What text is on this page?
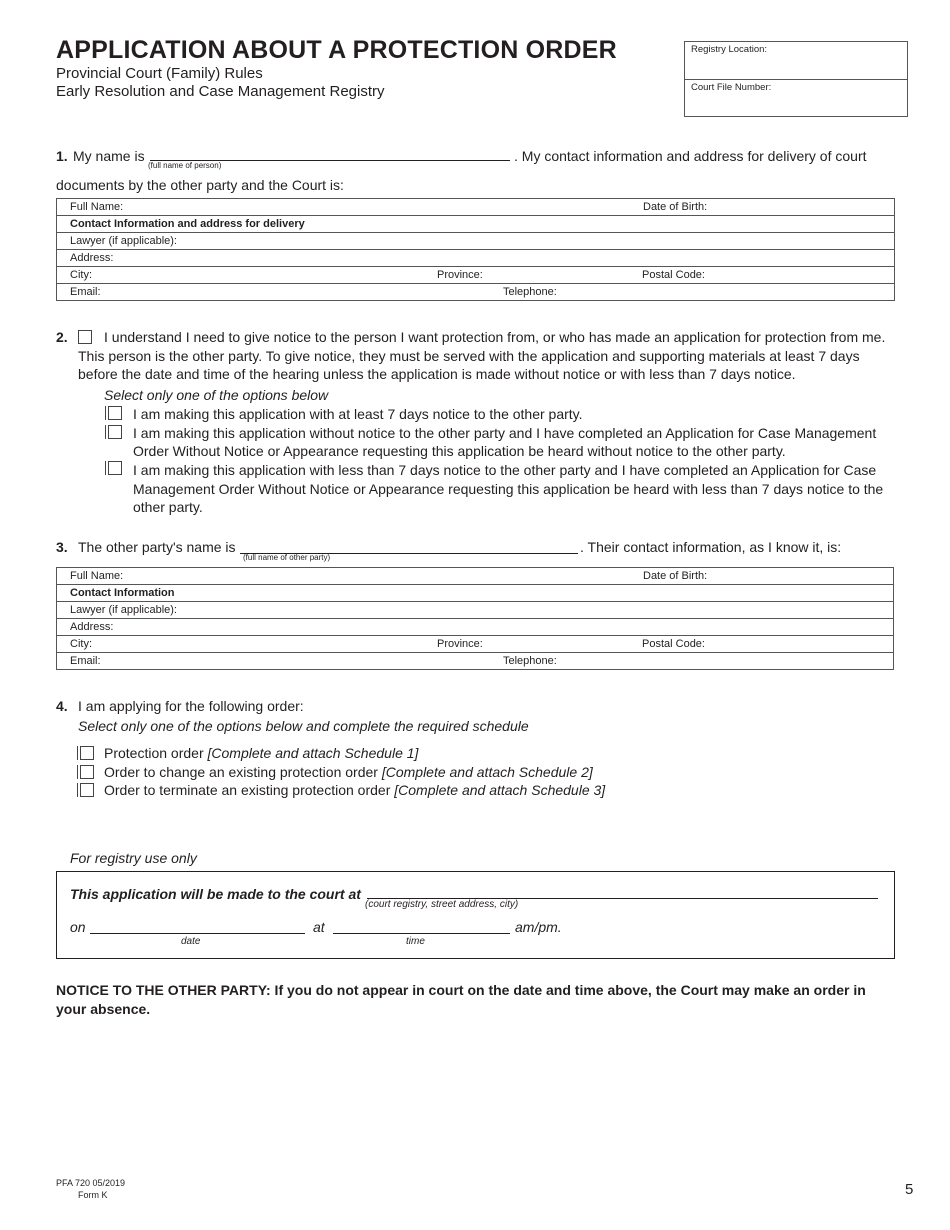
APPLICATION ABOUT A PROTECTION ORDER
Provincial Court (Family) Rules
Early Resolution and Case Management Registry
Registry Location:
Court File Number:
1. My name is
(full name of person)
. My contact information and address for delivery of court
documents by the other party and the Court is:
Full Name:	Date of Birth:

Contact Information and address for delivery

Lawyer (if applicable):

Address:

City:	Province:	Postal Code:

Email:	Telephone:
2.	I understand I need to give notice to the person I want protection from, or who has made an application for protection from me.
This person is the other party. To give notice, they must be served with the application and supporting materials at least 7 days
before the date and time of the hearing unless the application is made without notice or with less than 7 days notice.
Select only one of the options below
I am making this application with at least 7 days notice to the other party.
I am making this application without notice to the other party and I have completed an Application for Case Management
Order Without Notice or Appearance requesting this application be heard without notice to the other party.
I am making this application with less than 7 days notice to the other party and I have completed an Application for Case
Management Order Without Notice or Appearance requesting this application be heard with less than 7 days notice to the
other party.
3. The other party's name is
(full name of other party)
. Their contact information, as I know it, is:
Full Name:	Date of Birth:

Contact Information

Lawyer (if applicable):

Address:

City:	Province:	Postal Code:

Email:	Telephone:
4. I am applying for the following order:
Select only one of the options below and complete the required schedule
Protection order [Complete and attach Schedule 1]
Order to change an existing protection order [Complete and attach Schedule 2]
Order to terminate an existing protection order [Complete and attach Schedule 3]
For registry use only
This application will be made to the court at
(court registry, street address, city)
on
date
at
time
am/pm.
NOTICE TO THE OTHER PARTY: If you do not appear in court on the date and time above, the Court may make an order in
your absence.
PFA 720 05/2019
Form K	5
